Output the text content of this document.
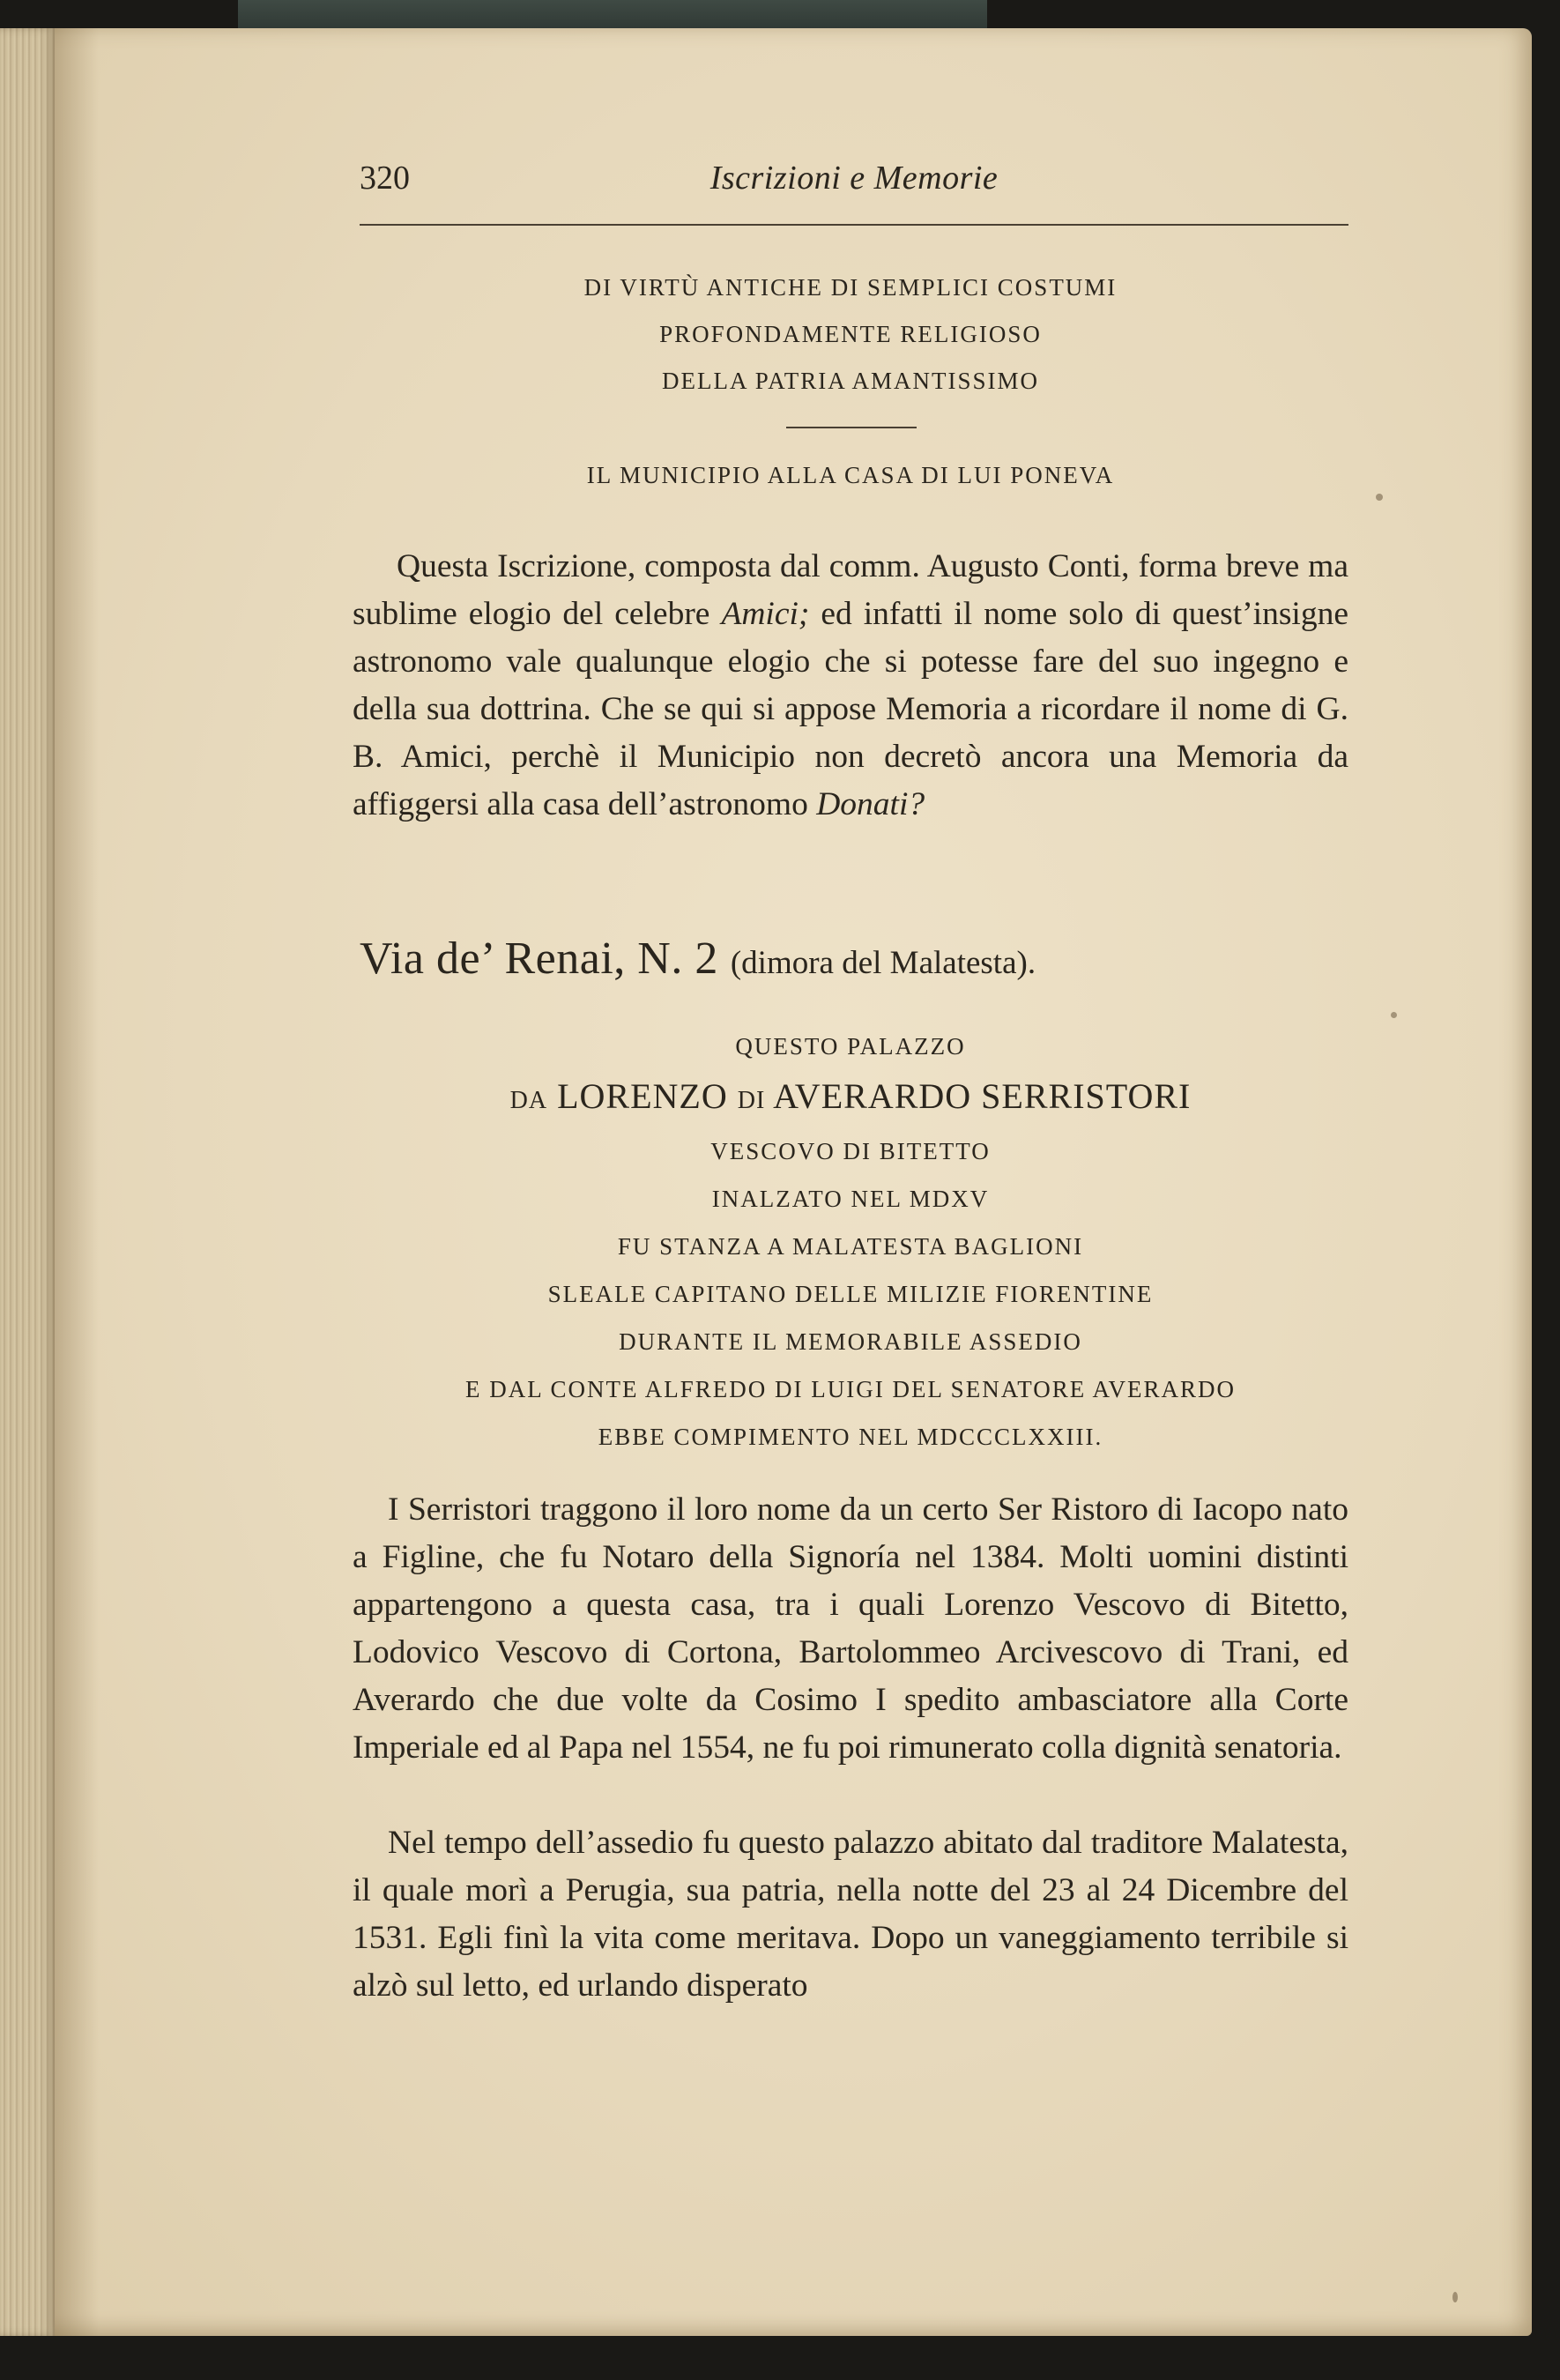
320	Iscrizioni e Memorie

DI VIRTÙ ANTICHE DI SEMPLICI COSTUMI

PROFONDAMENTE RELIGIOSO

DELLA PATRIA AMANTISSIMO

IL MUNICIPIO ALLA CASA DI LUI PONEVA

Questa Iscrizione, composta dal comm. Augusto Conti, forma breve ma sublime elogio del celebre Amici; ed infatti il nome solo di quest’insigne astronomo vale qualunque elogio che si potesse fare del suo ingegno e della sua dottrina. Che se qui si appose Memoria a ricordare il nome di G. B. Amici, perchè il Municipio non decretò ancora una Memoria da affiggersi alla casa dell’astronomo Donati?

Via de’ Renai, N. 2 (dimora del Malatesta).

QUESTO PALAZZO

DA LORENZO DI AVERARDO SERRISTORI

VESCOVO DI BITETTO

INALZATO NEL MDXV

FU STANZA A MALATESTA BAGLIONI

SLEALE CAPITANO DELLE MILIZIE FIORENTINE

DURANTE IL MEMORABILE ASSEDIO

E DAL CONTE ALFREDO DI LUIGI DEL SENATORE AVERARDO

EBBE COMPIMENTO NEL MDCCCLXXIII.

I Serristori traggono il loro nome da un certo Ser Ristoro di Iacopo nato a Figline, che fu Notaro della Signoría nel 1384. Molti uomini distinti appartengono a questa casa, tra i quali Lorenzo Vescovo di Bitetto, Lodovico Vescovo di Cortona, Bartolommeo Arcivescovo di Trani, ed Averardo che due volte da Cosimo I spedito ambasciatore alla Corte Imperiale ed al Papa nel 1554, ne fu poi rimunerato colla dignità senatoria.

Nel tempo dell’assedio fu questo palazzo abitato dal traditore Malatesta, il quale morì a Perugia, sua patria, nella notte del 23 al 24 Dicembre del 1531. Egli finì la vita come meritava. Dopo un vaneggiamento terribile si alzò sul letto, ed urlando disperato
